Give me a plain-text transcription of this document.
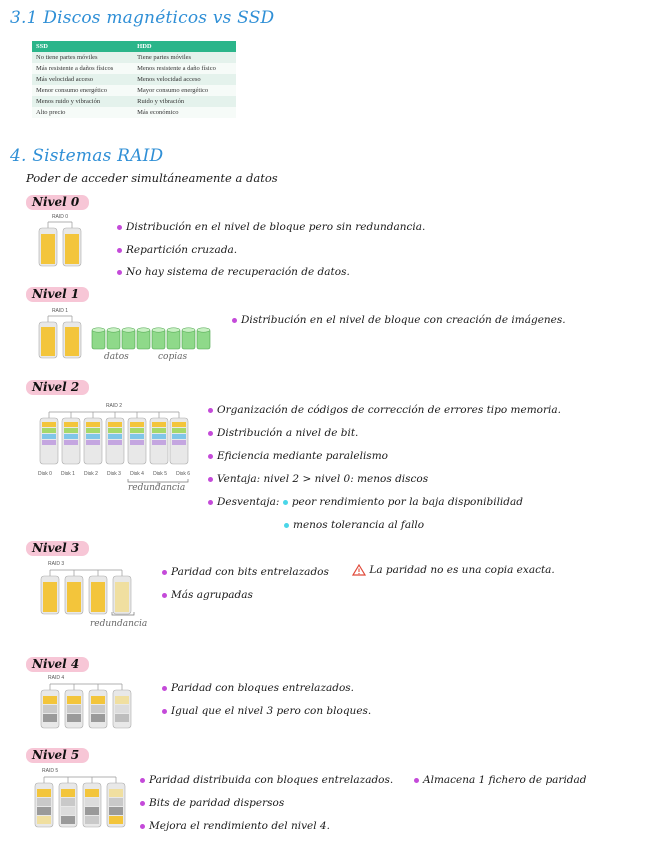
3.1 Discos magnéticos vs SSD
SSD	HDD
No tiene partes móviles	Tiene partes móviles
Más resistente a daños físicos	Menos resistente a daño físico
Más velocidad acceso	Menos velocidad acceso
Menor consumo energético	Mayor consumo energético
Menos ruido y vibración	Ruido y vibración
Alto precio	Más económico
4. Sistemas RAID
Poder de acceder simultáneamente a datos
Nivel 0
RAID 0
Distribución en el nivel de bloque pero sin redundancia.
Repartición cruzada.
No hay sistema de recuperación de datos.
Nivel 1
RAID 1
datos	copias
Distribución en el nivel de bloque con creación de imágenes.
Nivel 2
RAID 2
Disk 0 Disk 1 Disk 2 Disk 3 Disk 4 Disk 5 Disk 6
redundancia
Organización de códigos de corrección de errores tipo memoria.
Distribución a nivel de bit.
Eficiencia mediante paralelismo
Ventaja: nivel 2 > nivel 0: menos discos
Desventaja: peor rendimiento por la baja disponibilidad
menos tolerancia al fallo
Nivel 3
RAID 3
redundancia
Paridad con bits entrelazados
Más agrupadas
La paridad no es una copia exacta.
Nivel 4
RAID 4
Paridad con bloques entrelazados.
Igual que el nivel 3 pero con bloques.
Nivel 5
RAID 5
Paridad distribuida con bloques entrelazados.
Bits de paridad dispersos
Mejora el rendimiento del nivel 4.
Almacena 1 fichero de paridad
